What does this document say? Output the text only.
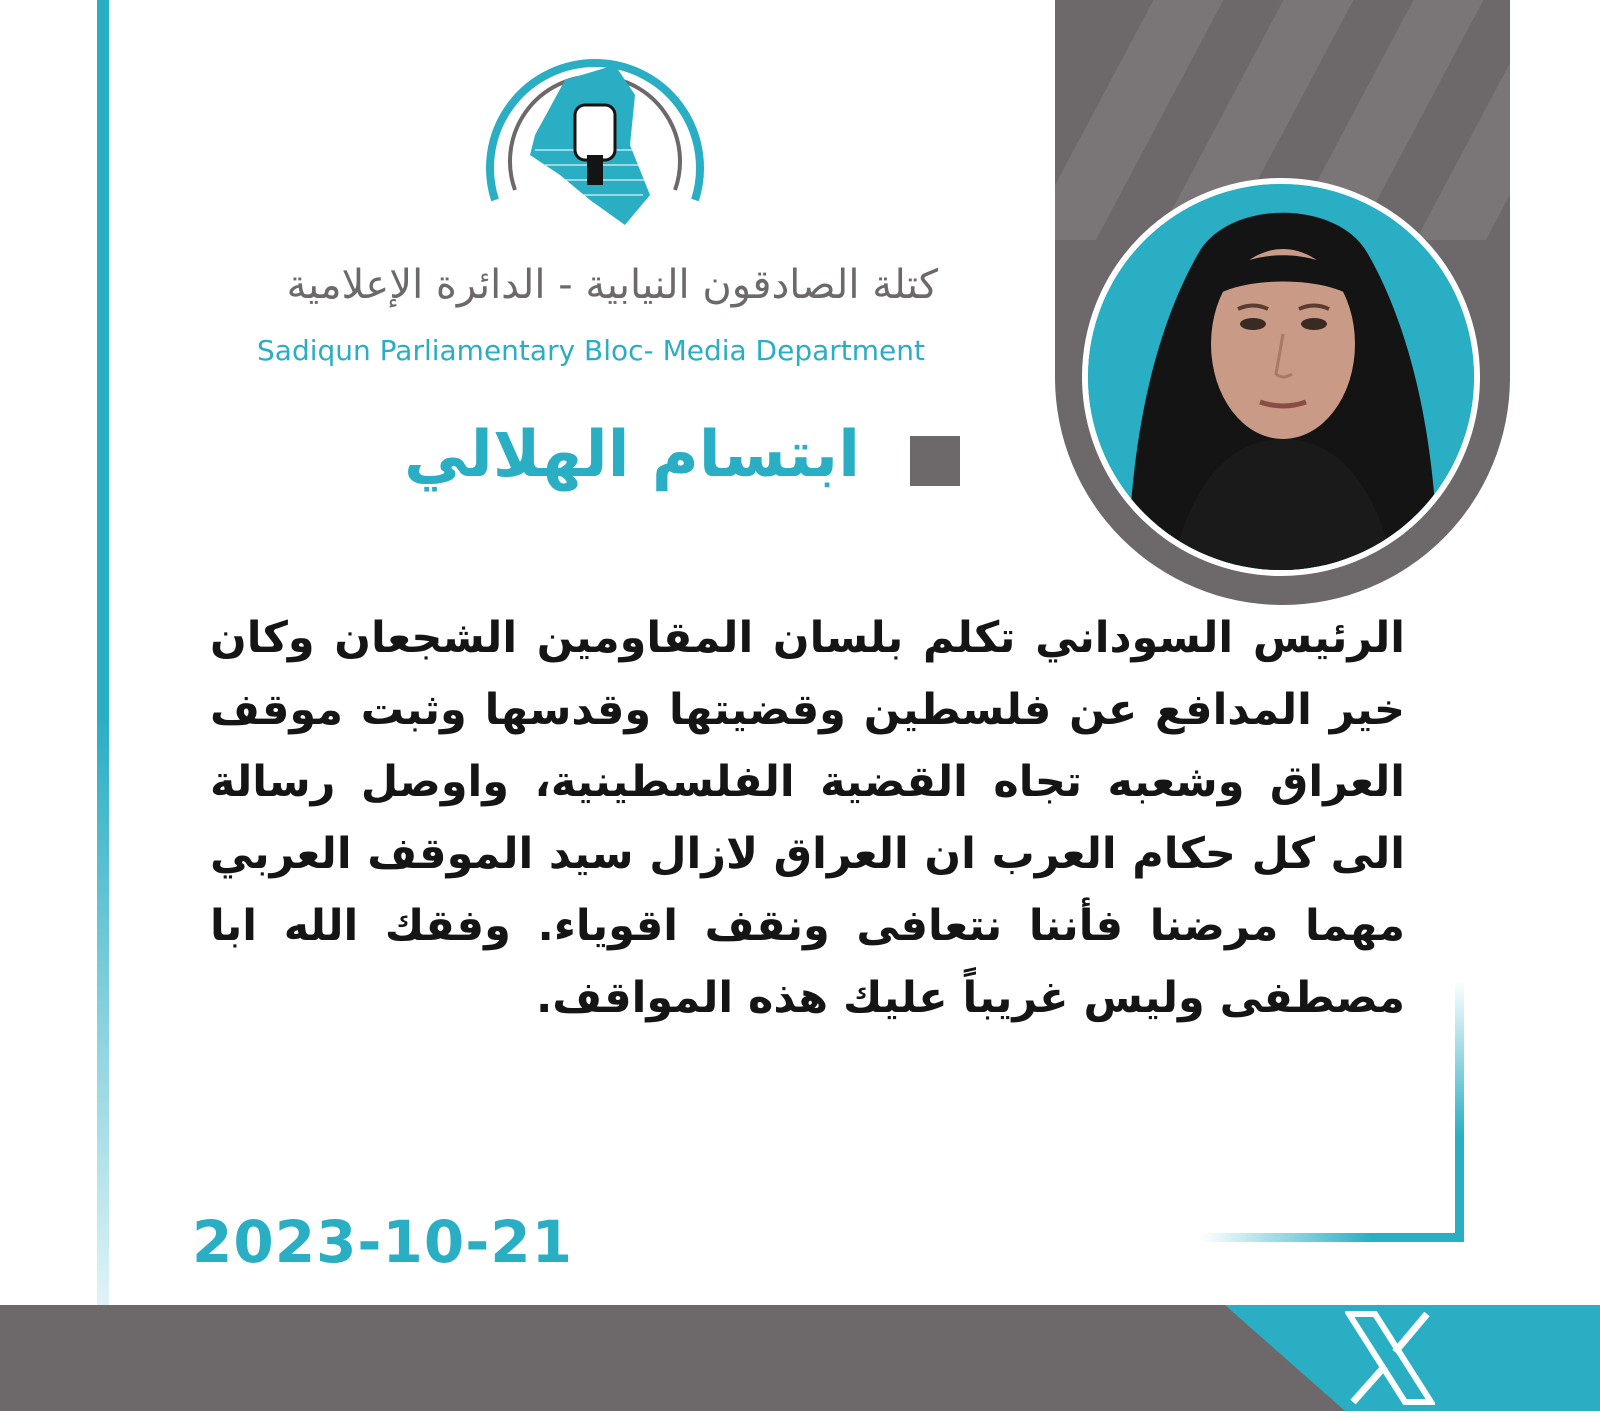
كتلة الصادقون النيابية - الدائرة الإعلامية
Sadiqun Parliamentary Bloc- Media Department
ابتسام الهلالي
الرئيس السوداني تكلم بلسان المقاومين الشجعان وكان خير المدافع عن فلسطين وقضيتها وقدسها وثبت موقف العراق وشعبه تجاه القضية الفلسطينية، واوصل رسالة الى كل حكام العرب ان العراق لازال سيد الموقف العربي مهما مرضنا فأننا نتعافى ونقف اقوياء. وفقك الله ابا مصطفى وليس غريباً عليك هذه المواقف.
2023-10-21
